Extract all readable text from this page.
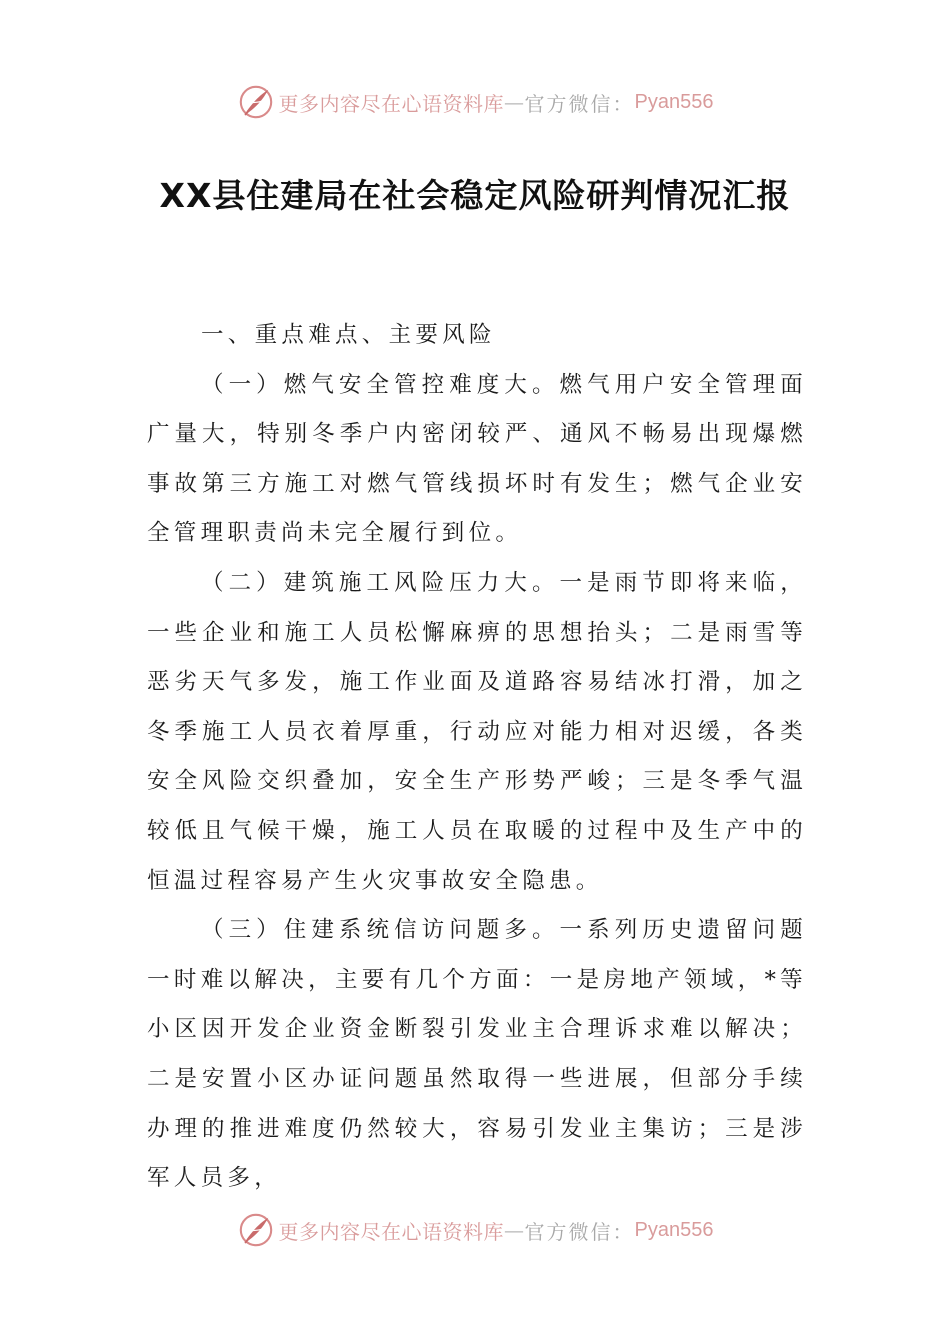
更多内容尽在心语资料库 — 官方微信： Pyan556
XX县住建局在社会稳定风险研判情况汇报

一、重点难点、主要风险

（一）燃气安全管控难度大。燃气用户安全管理面广量大，特别冬季户内密闭较严、通风不畅易出现爆燃事故第三方施工对燃气管线损坏时有发生；燃气企业安全管理职责尚未完全履行到位。

（二）建筑施工风险压力大。一是雨节即将来临，一些企业和施工人员松懈麻痹的思想抬头；二是雨雪等恶劣天气多发，施工作业面及道路容易结冰打滑，加之冬季施工人员衣着厚重，行动应对能力相对迟缓，各类安全风险交织叠加，安全生产形势严峻；三是冬季气温较低且气候干燥，施工人员在取暖的过程中及生产中的恒温过程容易产生火灾事故安全隐患。

（三）住建系统信访问题多。一系列历史遗留问题一时难以解决，主要有几个方面：一是房地产领域，*等小区因开发企业资金断裂引发业主合理诉求难以解决；二是安置小区办证问题虽然取得一些进展，但部分手续办理的推进难度仍然较大，容易引发业主集访；三是涉军人员多，

更多内容尽在心语资料库 — 官方微信： Pyan556
